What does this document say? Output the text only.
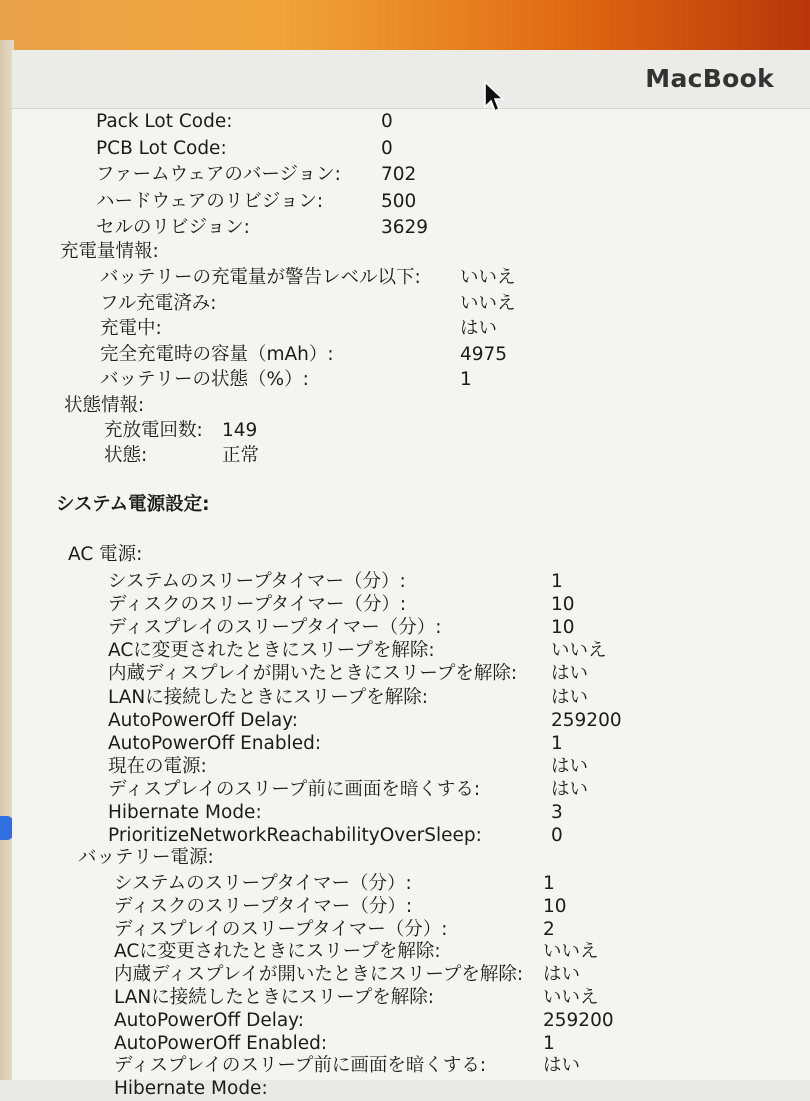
MacBook
Pack Lot Code:	0
PCB Lot Code:	0
ファームウェアのバージョン: 702
ハードウェアのリビジョン:	500
セルのリビジョン:	3629
充電量情報:
バッテリーの充電量が警告レベル以下: いいえ
フル充電済み:	いいえ
充電中:	はい
完全充電時の容量（mAh）:	4975
バッテリーの状態（%）:	1
状態情報:
充放電回数: 149
状態:	正常
システム電源設定:
AC 電源:
システムのスリープタイマー（分）:	1
ディスクのスリープタイマー（分）:	10
ディスプレイのスリープタイマー（分）:	10
ACに変更されたときにスリープを解除:	いいえ
内蔵ディスプレイが開いたときにスリープを解除: はい
LANに接続したときにスリープを解除:	はい
AutoPowerOff Delay:	259200
AutoPowerOff Enabled:	1
現在の電源:	はい
ディスプレイのスリープ前に画面を暗くする:	はい
Hibernate Mode:	3
PrioritizeNetworkReachabilityOverSleep:	0
バッテリー電源:
システムのスリープタイマー（分）:	1
ディスクのスリープタイマー（分）:	10
ディスプレイのスリープタイマー（分）:	2
ACに変更されたときにスリープを解除:	いいえ
内蔵ディスプレイが開いたときにスリープを解除: はい
LANに接続したときにスリープを解除:	いいえ
AutoPowerOff Delay:	259200
AutoPowerOff Enabled:	1
ディスプレイのスリープ前に画面を暗くする:	はい
Hibernate Mode:
